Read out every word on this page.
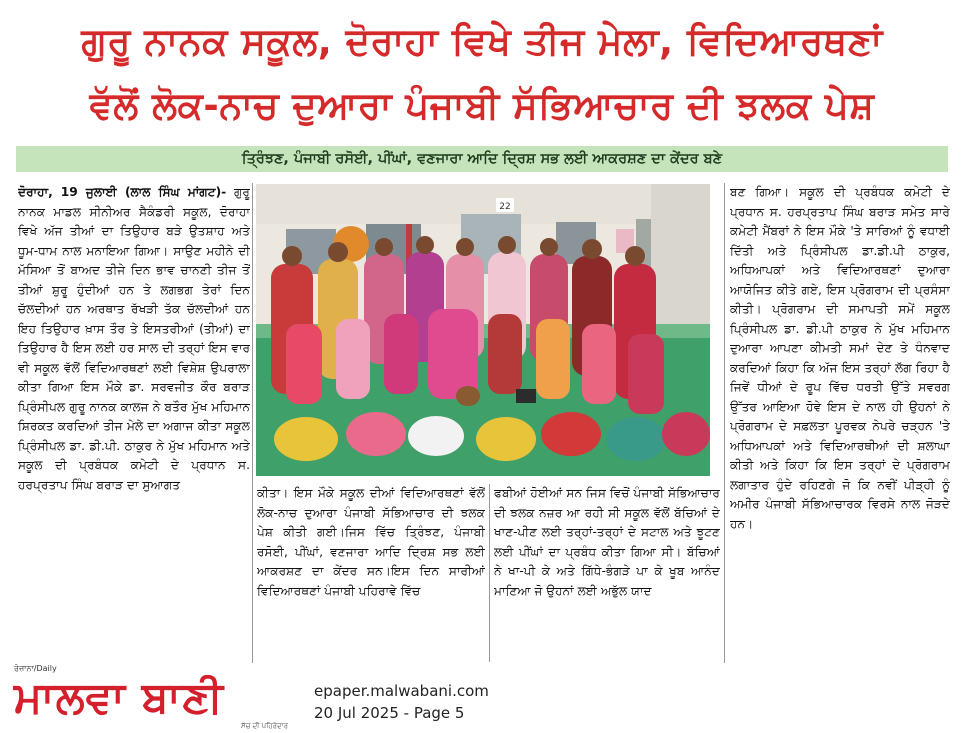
ਗੁਰੂ ਨਾਨਕ ਸਕੂਲ, ਦੋਰਾਹਾ ਵਿਖੇ ਤੀਜ ਮੇਲਾ, ਵਿਦਿਆਰਥਣਾਂ
ਵੱਲੋਂ ਲੋਕ-ਨਾਚ ਦੁਆਰਾ ਪੰਜਾਬੀ ਸੱਭਿਆਚਾਰ ਦੀ ਝਲਕ ਪੇਸ਼
ਤ੍ਰਿੰਝਣ, ਪੰਜਾਬੀ ਰਸੋਈ, ਪੀਂਘਾਂ, ਵਣਜਾਰਾ ਆਦਿ ਦ੍ਰਿਸ਼ ਸਭ ਲਈ ਆਕਰਸ਼ਣ ਦਾ ਕੇਂਦਰ ਬਣੇ
ਦੋਰਾਹਾ, 19 ਜੁਲਾਈ (ਲਾਲ ਸਿੰਘ ਮਾਂਗਟ)- ਗੁਰੂ ਨਾਨਕ ਮਾਡਲ ਸੀਨੀਅਰ ਸੈਕੰਡਰੀ ਸਕੂਲ, ਦੋਰਾਹਾ ਵਿਖੇ ਅੱਜ ਤੀਆਂ ਦਾ ਤਿਉਹਾਰ ਬੜੇ ਉਤਸ਼ਾਹ ਅਤੇ ਧੂਮ-ਧਾਮ ਨਾਲ ਮਨਾਇਆ ਗਿਆ। ਸਾਉਣ ਮਹੀਨੇ ਦੀ ਮੱਸਿਆ ਤੋਂ ਬਾਅਦ ਤੀਜੇ ਦਿਨ ਭਾਵ ਚਾਨਣੀ ਤੀਜ ਤੋਂ ਤੀਆਂ ਸ਼ੁਰੂ ਹੁੰਦੀਆਂ ਹਨ ਤੇ ਲਗਭਗ ਤੇਰਾਂ ਦਿਨ ਚੱਲਦੀਆਂ ਹਨ ਅਰਥਾਤ ਰੱਖੜੀ ਤੱਕ ਚੱਲਦੀਆਂ ਹਨ ਇਹ ਤਿਉਹਾਰ ਖ਼ਾਸ ਤੌਰ ਤੇ ਇਸਤਰੀਆਂ (ਤੀਆਂ) ਦਾ ਤਿਉਹਾਰ ਹੈ ਇਸ ਲਈ ਹਰ ਸਾਲ ਦੀ ਤਰ੍ਹਾਂ ਇਸ ਵਾਰ ਵੀ ਸਕੂਲ ਵੱਲੋਂ ਵਿਦਿਆਰਥਣਾਂ ਲਈ ਵਿਸ਼ੇਸ਼ ਉਪਰਾਲਾ ਕੀਤਾ ਗਿਆ ਇਸ ਮੌਕੇ ਡਾ. ਸਰਵਜੀਤ ਕੌਰ ਬਰਾੜ ਪ੍ਰਿੰਸੀਪਲ ਗੁਰੂ ਨਾਨਕ ਕਾਲਜ ਨੇ ਬਤੌਰ ਮੁੱਖ ਮਹਿਮਾਨ ਸ਼ਿਰਕਤ ਕਰਦਿਆਂ ਤੀਜ ਮੇਲੇ ਦਾ ਅਗਾਜ ਕੀਤਾ ਸਕੂਲ ਪ੍ਰਿੰਸੀਪਲ ਡਾ. ਡੀ.ਪੀ. ਠਾਕੁਰ ਨੇ ਮੁੱਖ ਮਹਿਮਾਨ ਅਤੇ ਸਕੂਲ ਦੀ ਪ੍ਰਬੰਧਕ ਕਮੇਟੀ ਦੇ ਪ੍ਰਧਾਨ ਸ. ਹਰਪ੍ਰਤਾਪ ਸਿੰਘ ਬਰਾੜ ਦਾ ਸੁਆਗਤ
22
ਕੀਤਾ। ਇਸ ਮੌਕੇ ਸਕੂਲ ਦੀਆਂ ਵਿਦਿਆਰਥਣਾਂ ਵੱਲੋਂ ਲੋਕ-ਨਾਚ ਦੁਆਰਾ ਪੰਜਾਬੀ ਸੱਭਿਆਚਾਰ ਦੀ ਝਲਕ ਪੇਸ਼ ਕੀਤੀ ਗਈ।ਜਿਸ ਵਿੱਚ ਤ੍ਰਿੰਝਣ, ਪੰਜਾਬੀ ਰਸੋਈ, ਪੀਂਘਾਂ, ਵਣਜਾਰਾ ਆਦਿ ਦ੍ਰਿਸ਼ ਸਭ ਲਈ ਆਕਰਸ਼ਣ ਦਾ ਕੇਂਦਰ ਸਨ।ਇਸ ਦਿਨ ਸਾਰੀਆਂ ਵਿਦਿਆਰਥਣਾਂ ਪੰਜਾਬੀ ਪਹਿਰਾਵੇ ਵਿੱਚ
ਫਬੀਆਂ ਹੋਈਆਂ ਸਨ ਜਿਸ ਵਿਚੋਂ ਪੰਜਾਬੀ ਸੱਭਿਆਚਾਰ ਦੀ ਝਲਕ ਨਜ਼ਰ ਆ ਰਹੀ ਸੀ ਸਕੂਲ ਵੱਲੋਂ ਬੱਚਿਆਂ ਦੇ ਖਾਣ-ਪੀਣ ਲਈ ਤਰ੍ਹਾਂ-ਤਰ੍ਹਾਂ ਦੇ ਸਟਾਲ ਅਤੇ ਝੂਟਣ ਲਈ ਪੀਂਘਾਂ ਦਾ ਪ੍ਰਬੰਧ ਕੀਤਾ ਗਿਆ ਸੀ। ਬੱਚਿਆਂ ਨੇ ਖਾ-ਪੀ ਕੇ ਅਤੇ ਗਿੱਧੇ-ਭੰਗੜੇ ਪਾ ਕੇ ਖੂਬ ਆਨੰਦ ਮਾਣਿਆ ਜੋ ਉਹਨਾਂ ਲਈ ਅਭੁੱਲ ਯਾਦ
ਬਣ ਗਿਆ। ਸਕੂਲ ਦੀ ਪ੍ਰਬੰਧਕ ਕਮੇਟੀ ਦੇ ਪ੍ਰਧਾਨ ਸ. ਹਰਪ੍ਰਤਾਪ ਸਿੰਘ ਬਰਾੜ ਸਮੇਤ ਸਾਰੇ ਕਮੇਟੀ ਮੈਂਬਰਾਂ ਨੇ ਇਸ ਮੌਕੇ 'ਤੇ ਸਾਰਿਆਂ ਨੂੰ ਵਧਾਈ ਦਿੱਤੀ ਅਤੇ ਪ੍ਰਿੰਸੀਪਲ ਡਾ.ਡੀ.ਪੀ ਠਾਕੁਰ, ਅਧਿਆਪਕਾਂ ਅਤੇ ਵਿਦਿਆਰਥਣਾਂ ਦੁਆਰਾ ਆਯੋਜਿਤ ਕੀਤੇ ਗਏ, ਇਸ ਪ੍ਰੋਗਰਾਮ ਦੀ ਪ੍ਰਸੰਸਾ ਕੀਤੀ। ਪ੍ਰੋਗਰਾਮ ਦੀ ਸਮਾਪਤੀ ਸਮੇਂ ਸਕੂਲ ਪ੍ਰਿੰਸੀਪਲ ਡਾ. ਡੀ.ਪੀ ਠਾਕੁਰ ਨੇ ਮੁੱਖ ਮਹਿਮਾਨ ਦੁਆਰਾ ਆਪਣਾ ਕੀਮਤੀ ਸਮਾਂ ਦੇਣ ਤੇ ਧੰਨਵਾਦ ਕਰਦਿਆਂ ਕਿਹਾ ਕਿ ਅੱਜ ਇਸ ਤਰ੍ਹਾਂ ਲੱਗ ਰਿਹਾ ਹੈ ਜਿਵੇਂ ਧੀਆਂ ਦੇ ਰੂਪ ਵਿੱਚ ਧਰਤੀ ਉੱਤੇ ਸਵਰਗ ਉੱਤਰ ਆਇਆ ਹੋਵੇ ਇਸ ਦੇ ਨਾਲ ਹੀ ਉਹਨਾਂ ਨੇ ਪ੍ਰੋਗਰਾਮ ਦੇ ਸਫ਼ਲਤਾ ਪੂਰਵਕ ਨੇਪਰੇ ਚੜ੍ਹਨ 'ਤੇ ਅਧਿਆਪਕਾਂ ਅਤੇ ਵਿਦਿਆਰਥੀਆਂ ਦੀ ਸ਼ਲਾਘਾ ਕੀਤੀ ਅਤੇ ਕਿਹਾ ਕਿ ਇਸ ਤਰ੍ਹਾਂ ਦੇ ਪ੍ਰੋਗਰਾਮ ਲਗਾਤਾਰ ਹੁੰਦੇ ਰਹਿਣਗੇ ਜੋ ਕਿ ਨਵੀਂ ਪੀੜ੍ਹੀ ਨੂੰ ਅਮੀਰ ਪੰਜਾਬੀ ਸੱਭਿਆਚਾਰਕ ਵਿਰਸੇ ਨਾਲ ਜੋੜਦੇ ਹਨ।
ਰੋਜ਼ਾਨਾ/Daily
ਮਾਲਵਾ ਬਾਣੀ
ਸੱਚ ਦੀ ਪਹਿਰੇਦਾਰ
epaper.malwabani.com
20 Jul 2025 - Page 5
